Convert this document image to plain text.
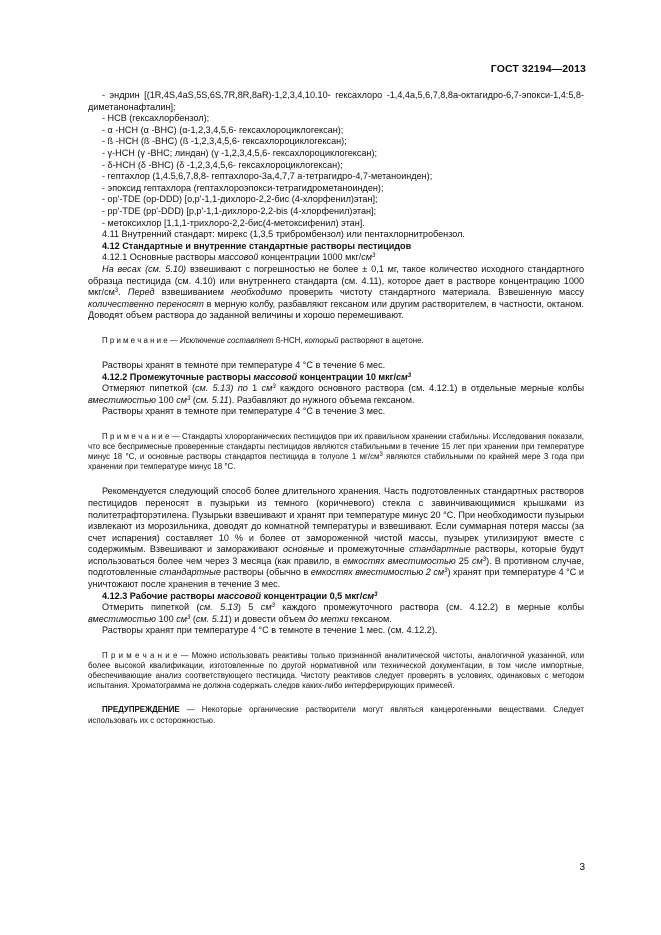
ГОСТ 32194—2013

- эндрин [(1R,4S,4aS,5S,6S,7R,8R,8aR)-1,2,3,4,10.10- гексахлоро -1,4,4а,5,6,7,8,8а-октагидро-6,7-эпокси-1,4:5,8- диметанонафталин];

- HCB (гексахлорбензол);

- α -HCH (α -BHC) (α-1,2,3,4,5,6- гексахлороциклогексан);

- ß -HCH (ß -BHC) (ß -1,2,3,4,5,6- гексахлороциклогексан);

- γ-HCH (γ -BHC; линдан) (γ -1,2,3,4,5,6- гексахлороциклогексан);

- δ-HCH (δ -BHC) (δ -1,2,3,4,5,6- гексахлороциклогексан);

- гептахлор (1,4.5,6,7,8,8- гептахлоро-3а,4,7,7 а-тетрагидро-4,7-метаноинден);

- эпоксид гептахлора (гептахлороэпокси-тетрагидрометаноинден);

- op'-TDE (op-DDD) [o,p'-1,1-дихлоро-2,2-бис (4-хлорфенил)этан];

- pp'-TDE (pp'-DDD) [p,p'-1,1-дихлоро-2,2-bis (4-хлорфенил)этан];

- метоксихлор [1,1,1-трихлоро-2,2-бис(4-метоксифенил) этан].

4.11 Внутренний стандарт: мирекс (1,3,5 трибромбензол) или пентахлорнитробензол.

4.12 Стандартные и внутренние стандартные растворы пестицидов

4.12.1 Основные растворы массовой концентрации 1000 мкг/$см^3$

На весах (см. 5.10) взвешивают с погрешностью не более ± 0,1 мг, такое количество исходного стандартного образца пестицида (см. 4.10) или внутреннего стандарта (см. 4.11), которое дает в растворе концентрацию 1000 мкг/$см^3$. Перед взвешиванием необходимо проверить чистоту стандартного материала. Взвешенную массу количественно переносят в мерную колбу, разбавляют гексаном или другим растворителем, в частности, октаном. Доводят объем раствора до заданной величины и хорошо перемешивают.

П р и м е ч а н и е — Исключение составляет ß-HCH, который растворяют в ацетоне.

Растворы хранят в темноте при температуре 4 °С в течение 6 мес.

4.12.2 Промежуточные растворы массовой концентрации 10 мкг/$см^3$

Отмеряют пипеткой (см. 5.13) по 1 $см^3$ каждого основного раствора (см. 4.12.1) в отдельные мерные колбы вместимостью 100 $см^3$ (см. 5.11). Разбавляют до нужного объема гексаном.

Растворы хранят в темноте при температуре 4 °С в течение 3 мес.

П р и м е ч а н и е — Стандарты хлорорганических пестицидов при их правильном хранении стабильны. Исследования показали, что все беспримесные проверенные стандарты пестицидов являются стабильными в течение 15 лет при хранении при температуре минус 18 °С, и основные растворы стандартов пестицида в толуоле 1 $мг/см^3$ являются стабильными по крайней мере 3 года при хранении при температуре минус 18 °С.

Рекомендуется следующий способ более длительного хранения. Часть подготовленных стандартных растворов пестицидов переносят в пузырьки из темного (коричневого) стекла с завинчивающимися крышками из политетрафторэтилена. Пузырьки взвешивают и хранят при температуре минус 20 °С. При необходимости пузырьки извлекают из морозильника, доводят до комнатной температуры и взвешивают. Если суммарная потеря массы (за счет испарения) составляет 10 % и более от замороженной чистой массы, пузырек утилизируют вместе с содержимым. Взвешивают и замораживают основные и промежуточные стандартные растворы, которые будут использоваться более чем через 3 месяца (как правило, в емкостях вместимостью 25 $см^3$). В противном случае, подготовленные стандартные растворы (обычно в емкостях вместимостью 2 $см^3$) хранят при температуре 4 °С и уничтожают после хранения в течение 3 мес.

4.12.3 Рабочие растворы массовой концентрации 0,5 мкг/$см^3$

Отмерить пипеткой (см. 5.13) 5 $см^3$ каждого промежуточного раствора (см. 4.12.2) в мерные колбы вместимостью 100 $см^3$ (см. 5.11) и довести объем до метки гексаном.

Растворы хранят при температуре 4 °С в темноте в течение 1 мес. (см. 4.12.2).

П р и м е ч а н и е — Можно использовать реактивы только признанной аналитической чистоты, аналогичной указанной, или более высокой квалификации, изготовленные по другой нормативной или технической документации, в том числе импортные, обеспечивающие анализ соответствующего пестицида. Чистоту реактивов следует проверять в условиях, одинаковых с методом испытания. Хроматограмма не должна содержать следов каких-либо интерферирующих примесей.

ПРЕДУПРЕЖДЕНИЕ — Некоторые органические растворители могут являться канцерогенными веществами. Следует использовать их с осторожностью.

3
